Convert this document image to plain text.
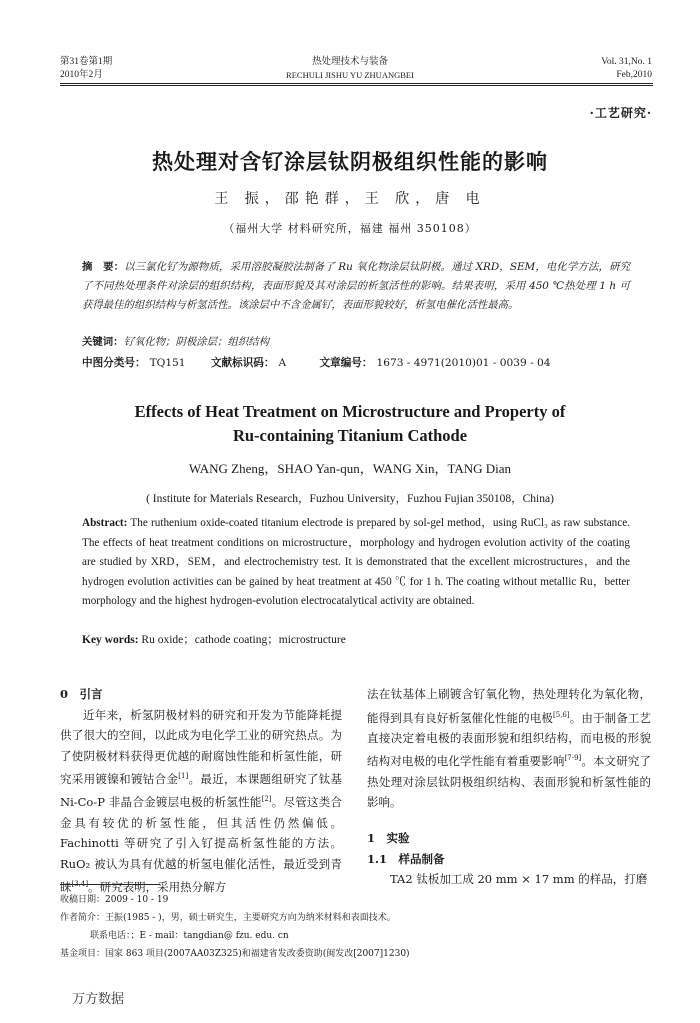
第31卷第1期
2010年2月
热处理技术与装备
RECHULI JISHU YU ZHUANGBEI
Vol. 31,No. 1
Feb,2010
·工艺研究·
热处理对含钌涂层钛阴极组织性能的影响
王 振，邵艳群，王 欣，唐 电
（福州大学 材料研究所，福建 福州 350108）
摘　要：以三氯化钌为源物质，采用溶胶凝胶法制备了 Ru 氧化物涂层钛阴极。通过 XRD，SEM，电化学方法，研究了不同热处理条件对涂层的组织结构，表面形貌及其对涂层的析氢活性的影响。结果表明，采用 450 ℃热处理 1 h 可获得最佳的组织结构与析氢活性。该涂层中不含金属钌，表面形貌较好，析氢电催化活性最高。
关键词：钌氧化物；阴极涂层；组织结构
中图分类号： TQ151 文献标识码： A	文章编号： 1673 - 4971(2010)01 - 0039 - 04
Effects of Heat Treatment on Microstructure and Property of
Ru-containing Titanium Cathode
WANG Zheng，SHAO Yan-qun，WANG Xin，TANG Dian
( Institute for Materials Research，Fuzhou University，Fuzhou Fujian 350108，China)
Abstract: The ruthenium oxide-coated titanium electrode is prepared by sol-gel method，using RuCl₃ as raw substance. The effects of heat treatment conditions on microstructure，morphology and hydrogen evolution activity of the coating are studied by XRD，SEM，and electrochemistry test. It is demonstrated that the excellent microstructures，and the hydrogen evolution activities can be gained by heat treatment at 450 ℃ for 1 h. The coating without metallic Ru，better morphology and the highest hydrogen-evolution electrocatalytical activity are obtained.
Key words: Ru oxide；cathode coating；microstructure
0　引言
近年来，析氢阴极材料的研究和开发为节能降耗提供了很大的空间，以此成为电化学工业的研究热点。为了使阴极材料获得更优越的耐腐蚀性能和析氢性能，研究采用镀镍和镀钴合金[1]。最近，本课题组研究了钛基 Ni-Co-P 非晶合金镀层电极的析氢性能[2]。尽管这类合金具有较优的析氢性能，但其活性仍然偏低。Fachinotti 等研究了引入钌提高析氢性能的方法。RuO₂ 被认为具有优越的析氢电催化活性，最近受到青睐[3,4]。研究表明，采用热分解方
法在钛基体上刷镀含钌氧化物，热处理转化为氧化物，能得到具有良好析氢催化性能的电极[5,6]。由于制备工艺直接决定着电极的表面形貌和组织结构，而电极的形貌结构对电极的电化学性能有着重要影响[7-9]。本文研究了热处理对涂层钛阴极组织结构、表面形貌和析氢性能的影响。
1　实验
1.1　样品制备
TA2 钛板加工成 20 mm × 17 mm 的样品，打磨
收稿日期：2009 - 10 - 19
作者简介：王振(1985 - )，男，硕士研究生，主要研究方向为纳米材料和表面技术。
联系电话：；E - mail：tangdian@ fzu. edu. cn
基金项目：国家 863 项目(2007AA03Z325)和福建省发改委资助(闽发改[2007]1230)
万方数据
